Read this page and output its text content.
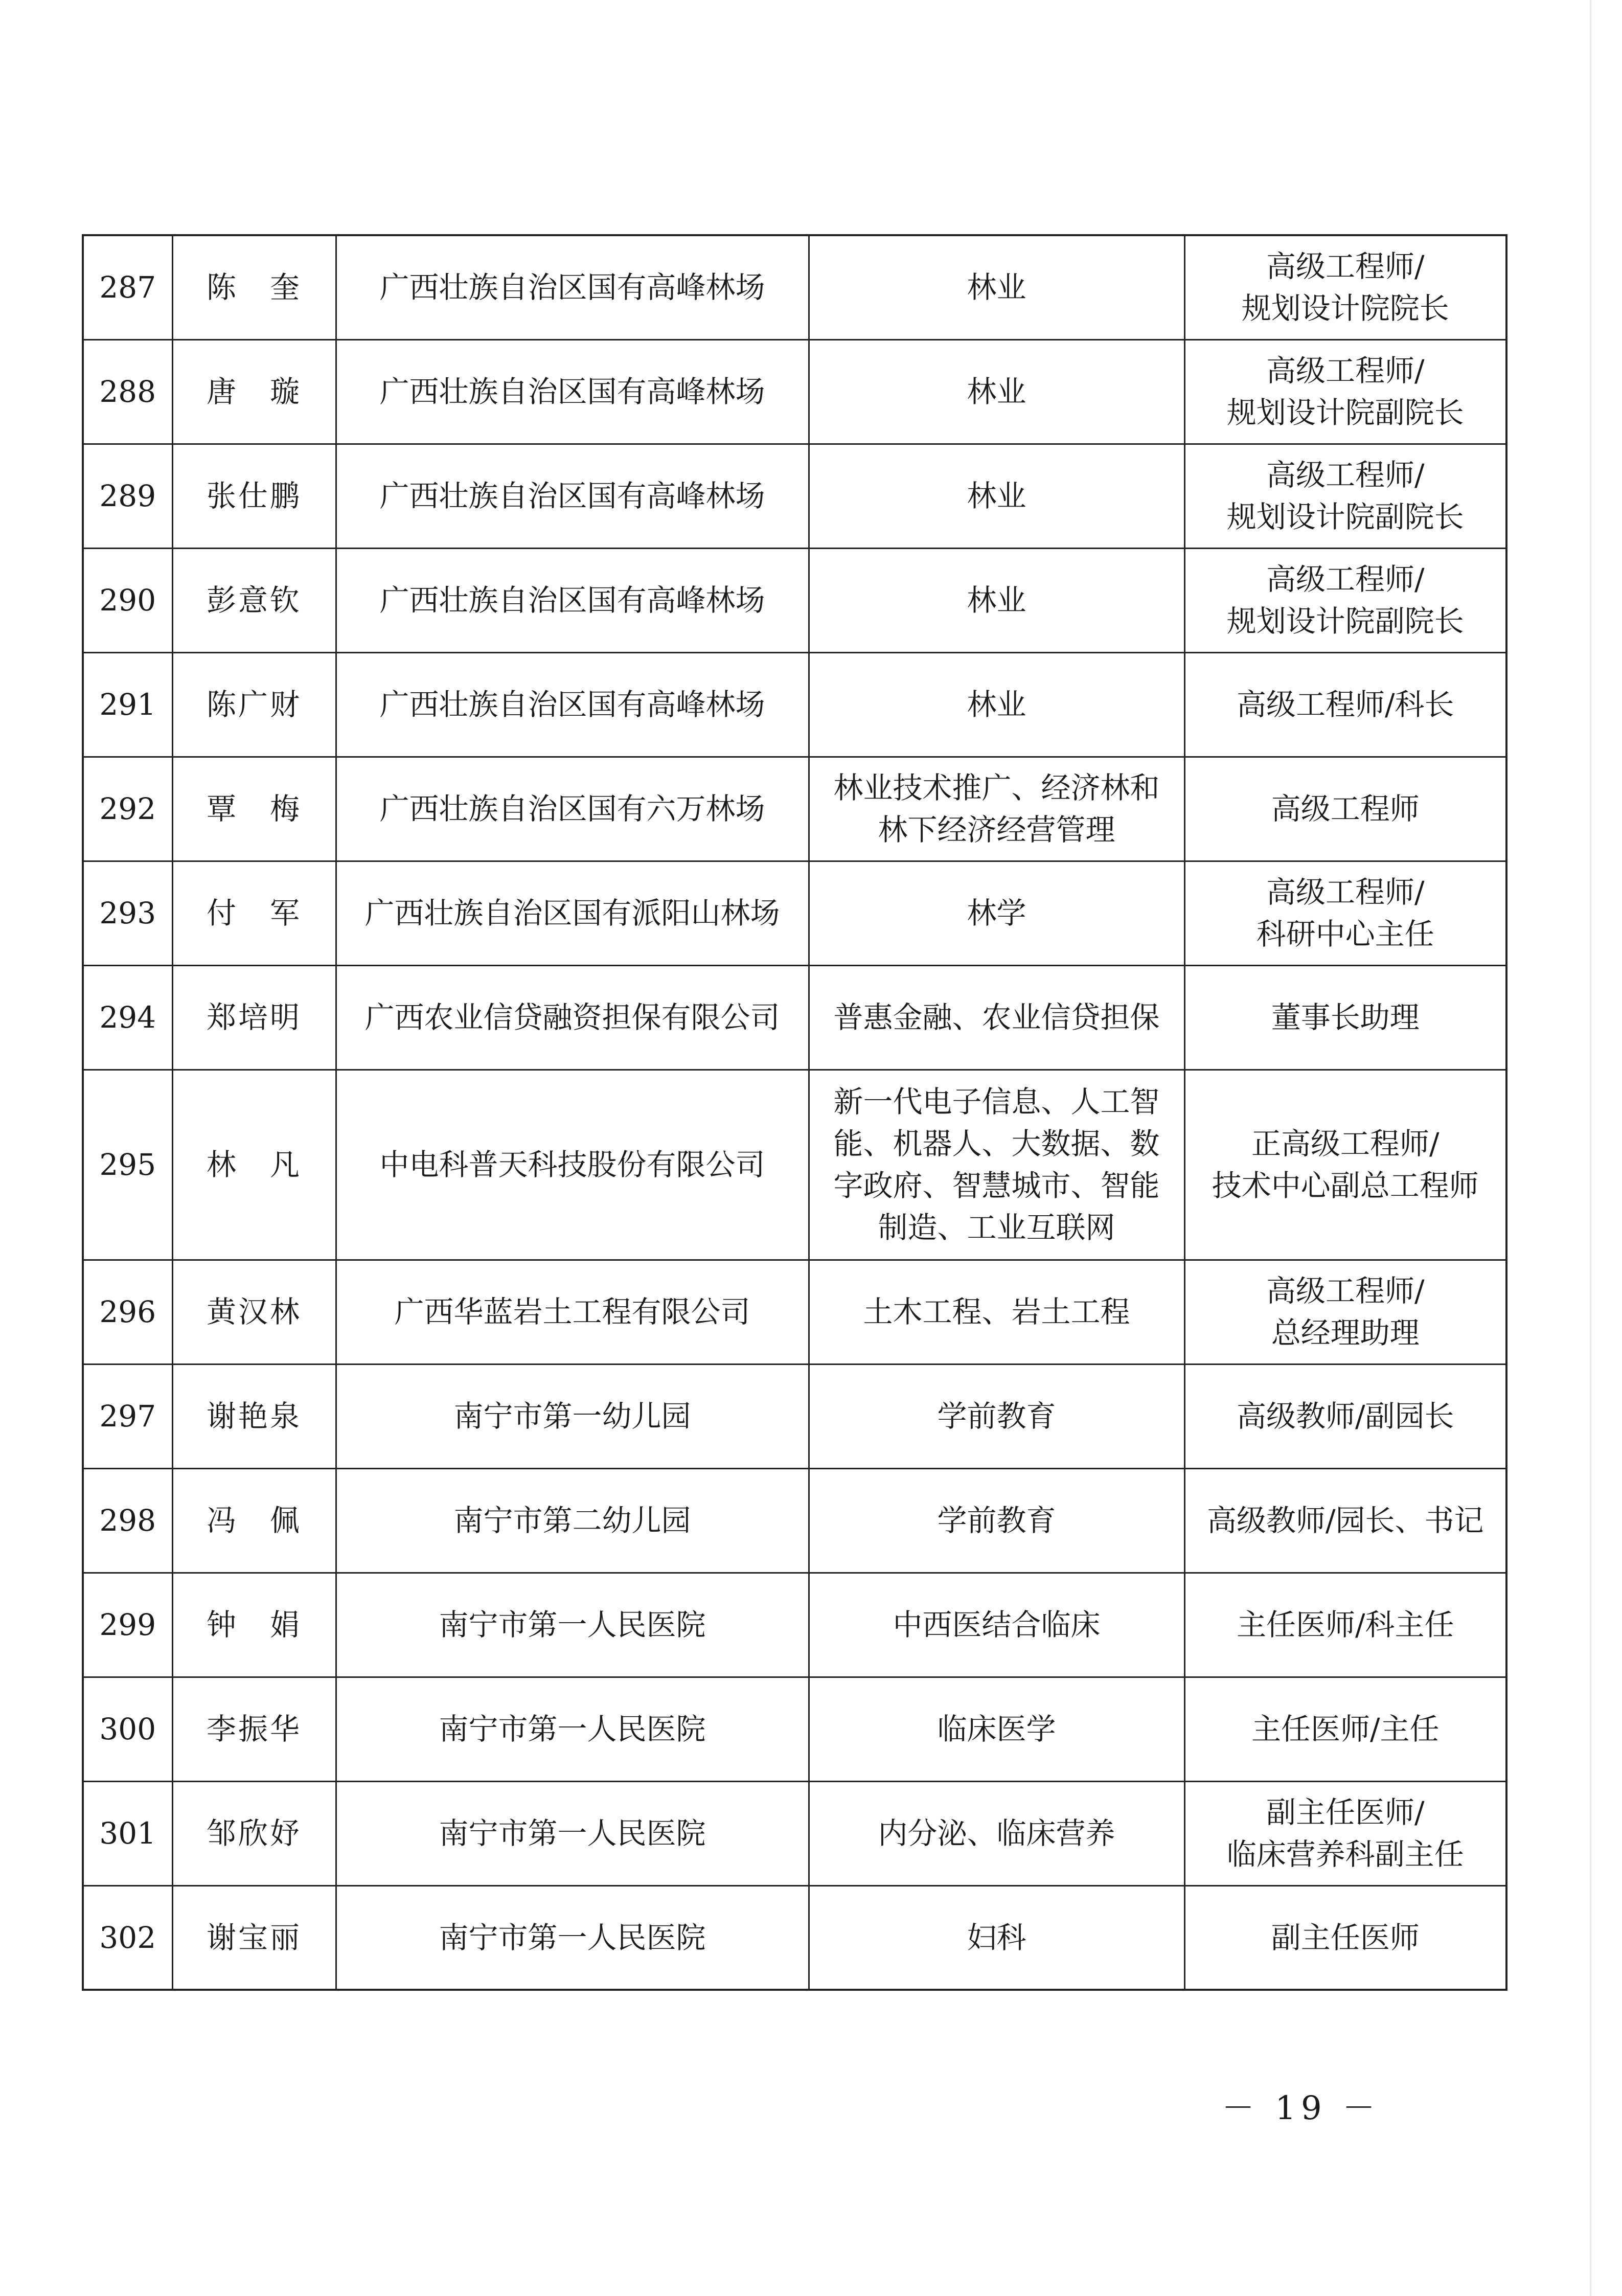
287	陈　奎	广西壮族自治区国有高峰林场	林业	高级工程师/
规划设计院院长

288	唐　璇	广西壮族自治区国有高峰林场	林业	高级工程师/
规划设计院副院长

289	张仕鹏	广西壮族自治区国有高峰林场	林业	高级工程师/
规划设计院副院长

290	彭意钦	广西壮族自治区国有高峰林场	林业	高级工程师/
规划设计院副院长

291	陈广财	广西壮族自治区国有高峰林场	林业	高级工程师/科长

292	覃　梅	广西壮族自治区国有六万林场	林业技术推广、经济林和
林下经济经营管理	高级工程师

293	付　军	广西壮族自治区国有派阳山林场	林学	高级工程师/
科研中心主任

294	郑培明	广西农业信贷融资担保有限公司	普惠金融、农业信贷担保	董事长助理

295	林　凡	中电科普天科技股份有限公司	新一代电子信息、人工智
能、机器人、大数据、数
字政府、智慧城市、智能
制造、工业互联网	正高级工程师/
技术中心副总工程师

296	黄汉林	广西华蓝岩土工程有限公司	土木工程、岩土工程	高级工程师/
总经理助理

297	谢艳泉	南宁市第一幼儿园	学前教育	高级教师/副园长

298	冯　佩	南宁市第二幼儿园	学前教育	高级教师/园长、书记

299	钟　娟	南宁市第一人民医院	中西医结合临床	主任医师/科主任

300	李振华	南宁市第一人民医院	临床医学	主任医师/主任

301	邹欣妤	南宁市第一人民医院	内分泌、临床营养	副主任医师/
临床营养科副主任

302	谢宝丽	南宁市第一人民医院	妇科	副主任医师
－ 19 －
